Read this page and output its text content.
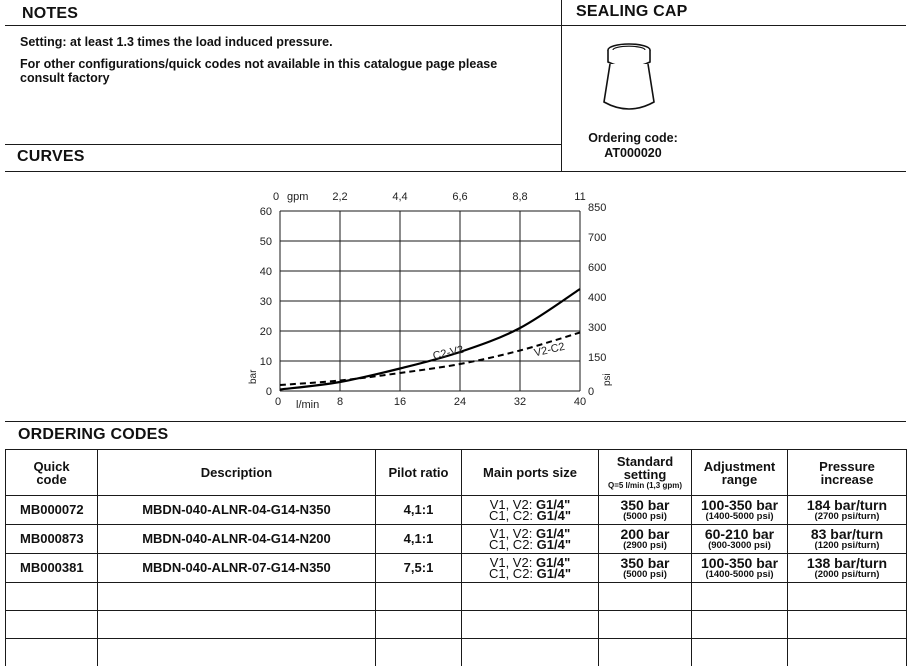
NOTES
Setting: at least 1.3 times the load induced pressure.
For other configurations/quick codes not available in this catalogue page please
consult factory
SEALING CAP
Ordering code:
AT000020
CURVES
0
10
20
30
40
50
60
0
150
300
400
600
700
850
0	8	16	24	32	40
0	2,2	4,4	6,6	8,8	11
l/min
gpm
bar	psi
C2-V2	V2-C2
ORDERING CODES
Quick
code	Description	Pilot ratio	Main ports size	Standard
setting
Q=5 l/min (1,3 gpm)	Adjustment
range	Pressure
increase

MB000072	MBDN-040-ALNR-04-G14-N350	4,1:1	V1, V2: G1/4"
C1, C2: G1/4"	350 bar
(5000 psi)	100-350 bar
(1400-5000 psi)	184 bar/turn
(2700 psi/turn)

MB000873	MBDN-040-ALNR-04-G14-N200	4,1:1	V1, V2: G1/4"
C1, C2: G1/4"	200 bar
(2900 psi)	60-210 bar
(900-3000 psi)	83 bar/turn
(1200 psi/turn)

MB000381	MBDN-040-ALNR-07-G14-N350	7,5:1	V1, V2: G1/4"
C1, C2: G1/4"	350 bar
(5000 psi)	100-350 bar
(1400-5000 psi)	138 bar/turn
(2000 psi/turn)
